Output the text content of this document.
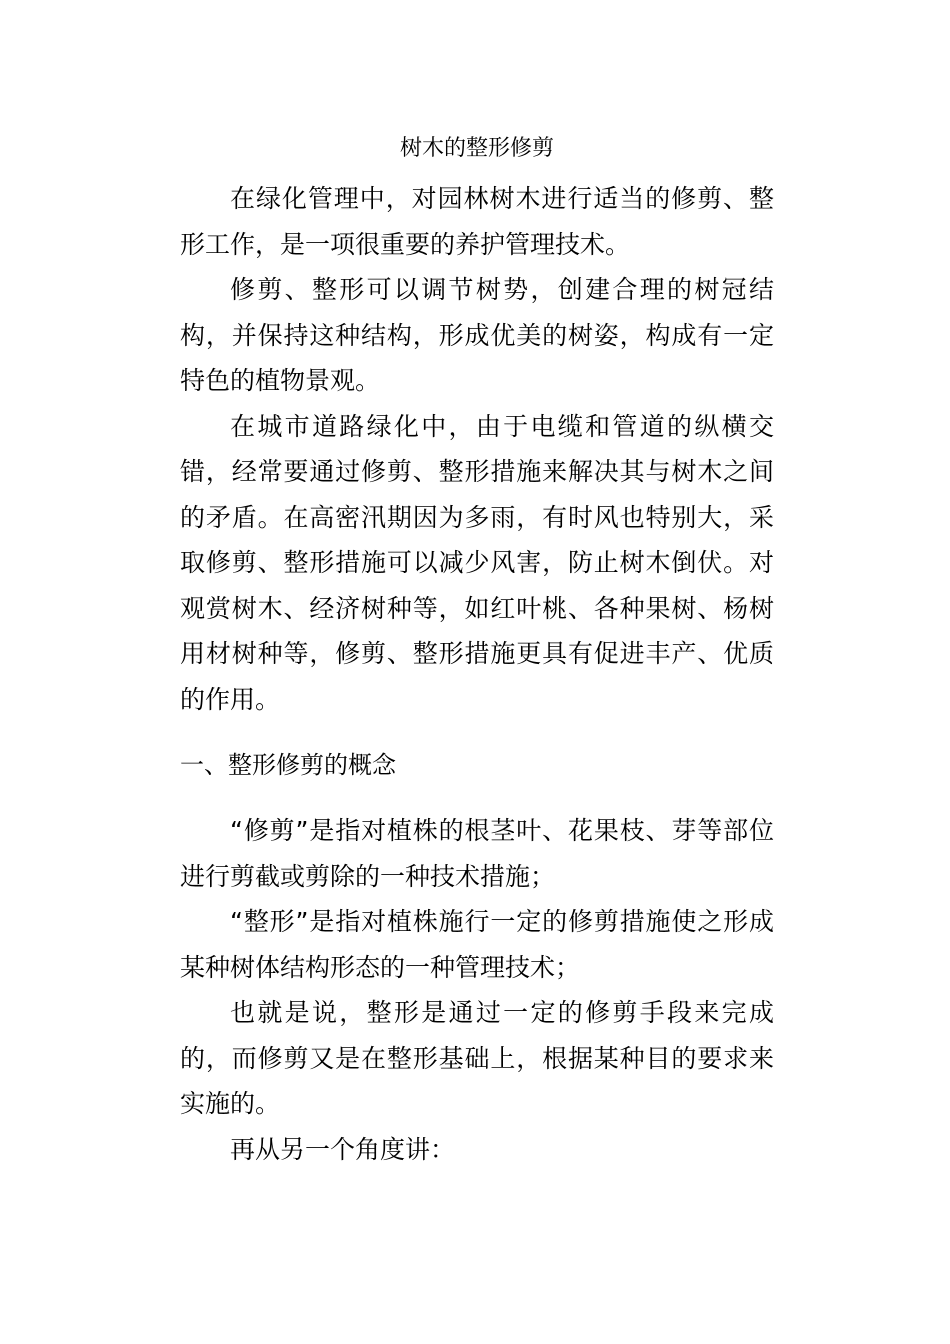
树木的整形修剪

在绿化管理中，对园林树木进行适当的修剪、整形工作，是一项很重要的养护管理技术。

修剪、整形可以调节树势，创建合理的树冠结构，并保持这种结构，形成优美的树姿，构成有一定特色的植物景观。

在城市道路绿化中，由于电缆和管道的纵横交错，经常要通过修剪、整形措施来解决其与树木之间的矛盾。在高密汛期因为多雨，有时风也特别大，采取修剪、整形措施可以减少风害，防止树木倒伏。对观赏树木、经济树种等，如红叶桃、各种果树、杨树用材树种等，修剪、整形措施更具有促进丰产、优质的作用。

一、整形修剪的概念

“修剪”是指对植株的根茎叶、花果枝、芽等部位进行剪截或剪除的一种技术措施；

“整形”是指对植株施行一定的修剪措施使之形成某种树体结构形态的一种管理技术；

也就是说，整形是通过一定的修剪手段来完成的，而修剪又是在整形基础上，根据某种目的要求来实施的。

再从另一个角度讲：
